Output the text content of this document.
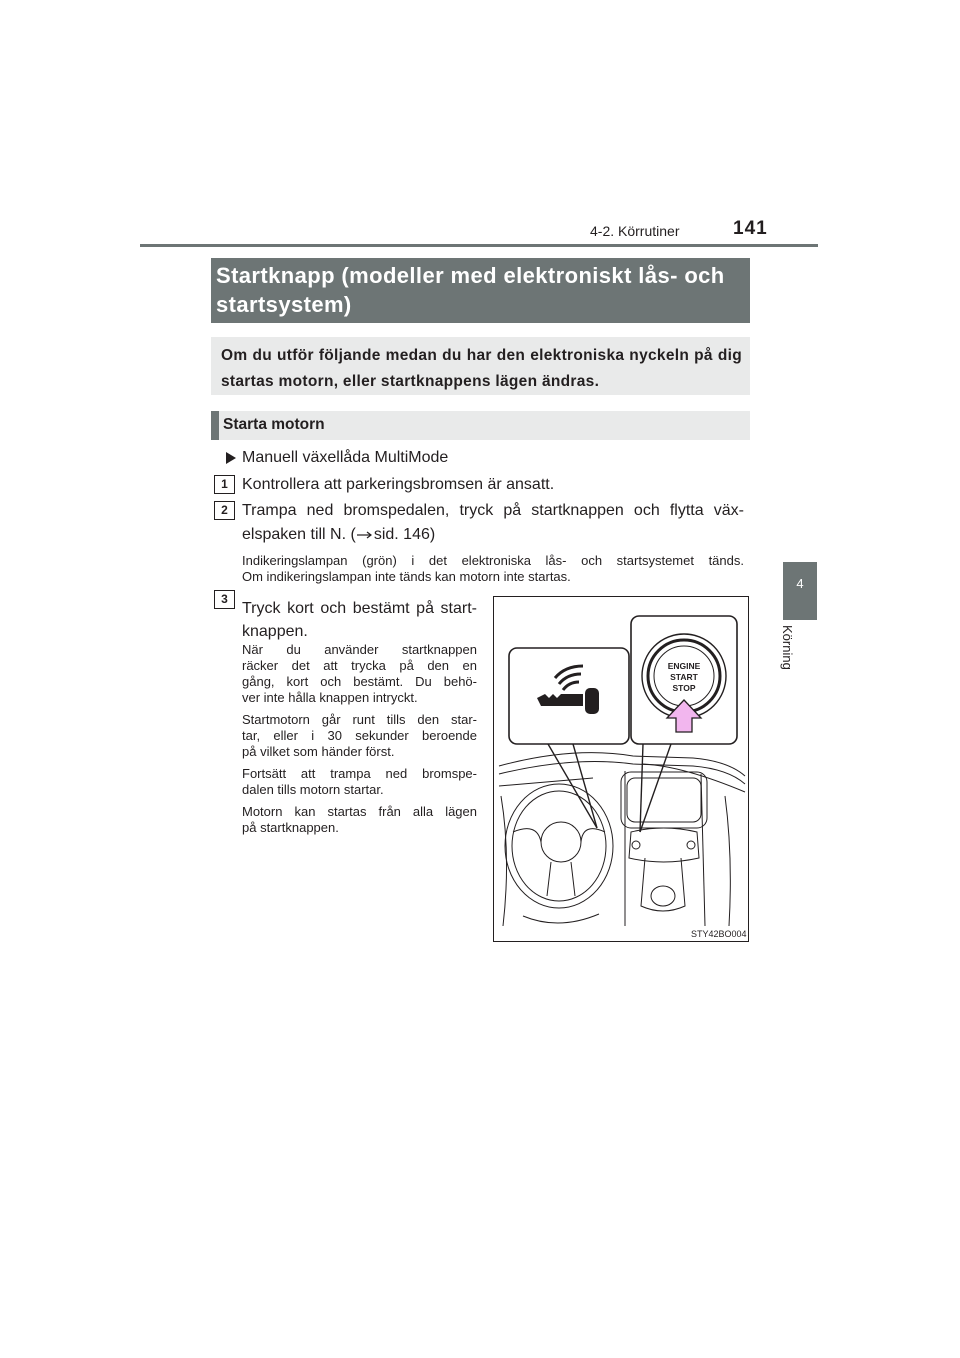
4-2. Körrutiner	141
4
Körning
Startknapp (modeller med elektroniskt lås- och startsystem)
Om du utför följande medan du har den elektroniska nyckeln på dig startas motorn, eller startknappens lägen ändras.
Starta motorn
Manuell växellåda MultiMode
1 Kontrollera att parkeringsbromsen är ansatt.
2 Trampa ned bromspedalen, tryck på startknappen och flytta väx-
elspaken till N. ( sid. 146)
Indikeringslampan (grön) i det elektroniska lås- och startsystemet tänds.
Om indikeringslampan inte tänds kan motorn inte startas.
3
Tryck kort och bestämt på start-
knappen.
När du använder startknappen
räcker det att trycka på den en
gång, kort och bestämt. Du behö-
ver inte hålla knappen intryckt.
Startmotorn går runt tills den star-
tar, eller i 30 sekunder beroende
på vilket som händer först.
Fortsätt att trampa ned bromspe-
dalen tills motorn startar.
Motorn kan startas från alla lägen
på startknappen.
ENGINE
START
STOP
STY42BO004
